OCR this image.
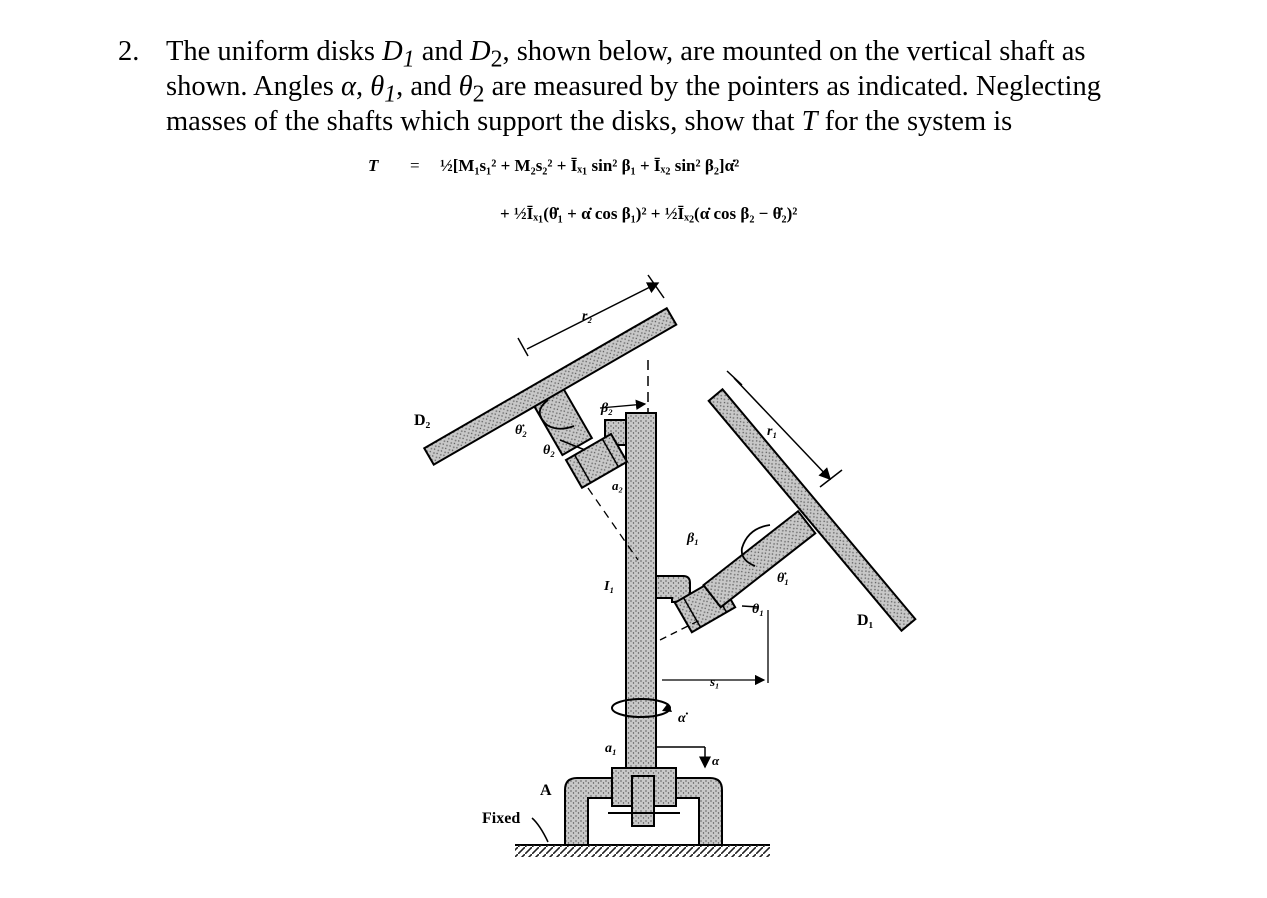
2. The uniform disks $D_1$ and $D_2$, shown below, are mounted on the vertical shaft as
shown. Angles α, $\theta_1$, and $\theta_2$ are measured by the pointers as indicated. Neglecting
masses of the shafts which support the disks, show that T for the system is
T = ½[M₁s₁² + M₂s₂² + Īₓ₁ sin² β₁ + Īₓ₂ sin² β₂]α̇²
+ ½Īₓ₁(θ̇₁ + α̇ cos β₁)² + ½Īₓ₂(α̇ cos β₂ − θ̇₂)²
D₂
r₂
β₂
θ̇₂
θ₂
a₂
r₁
β₁
I₁
θ̇₁
θ₁
D₁
s₁
α̇
a₁
α
A
Fixed
